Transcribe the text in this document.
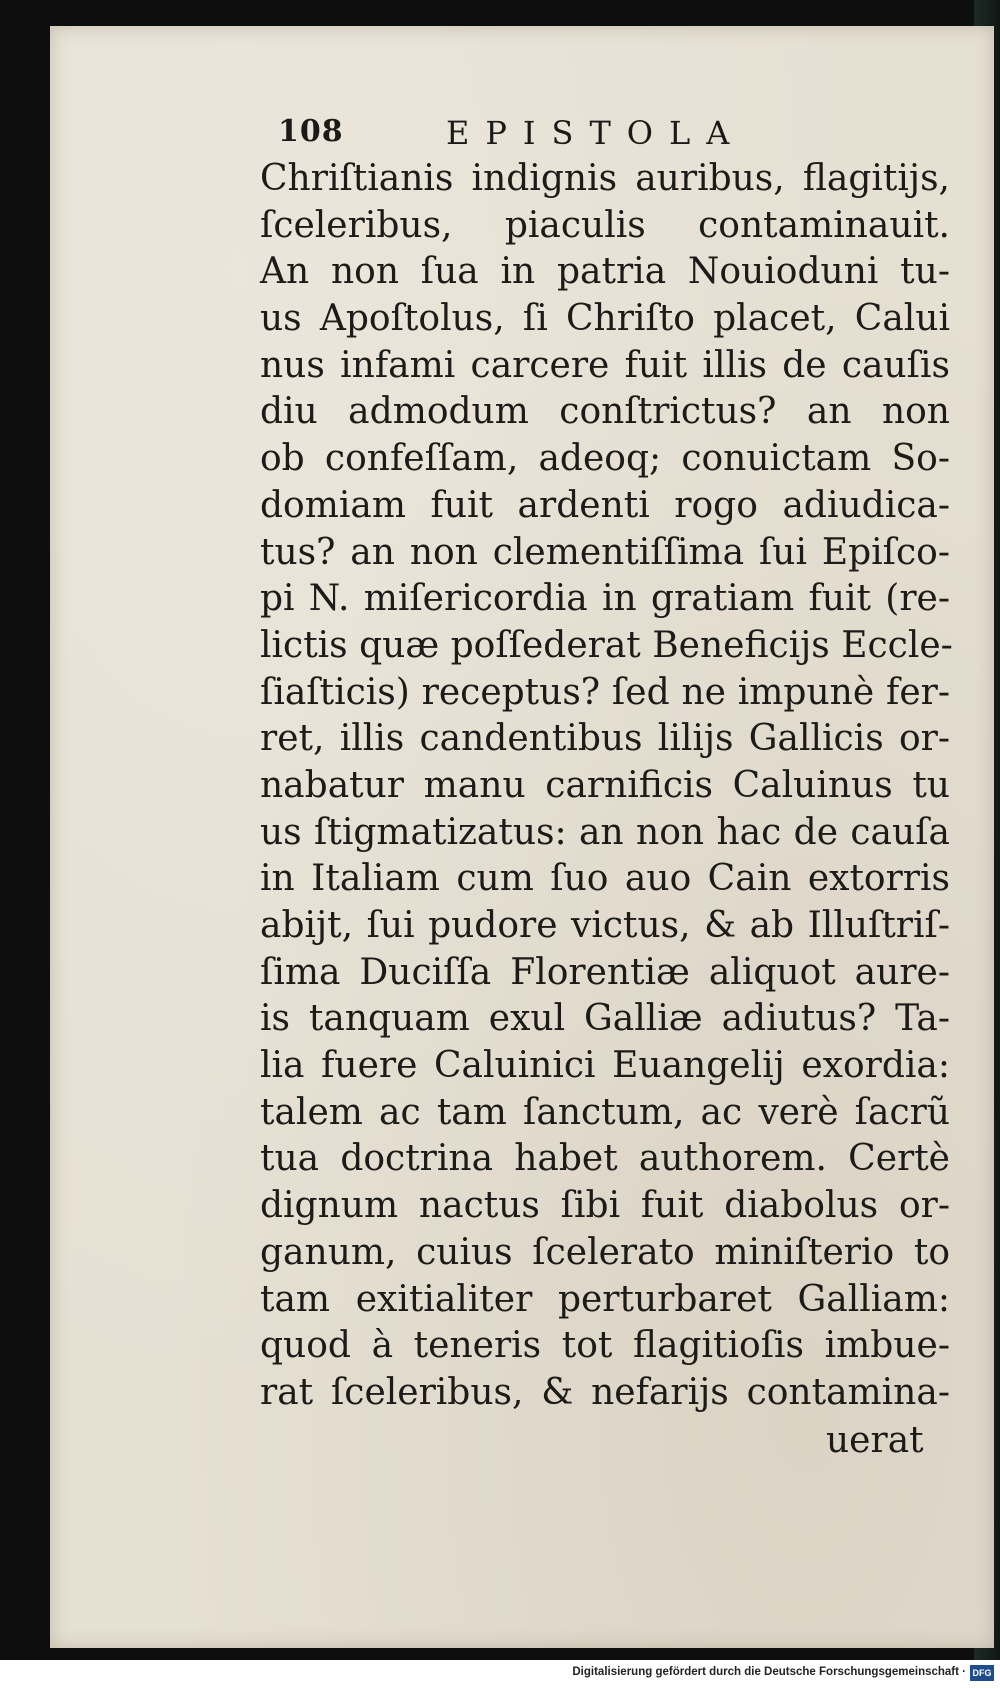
108	EPISTOLA
Chriſtianis indignis auribus, flagitijs,
ſceleribus, piaculis contaminauit.
An non ſua in patria Nouioduni tu-
us Apoſtolus, ſi Chriſto placet, Calui
nus infami carcere fuit illis de cauſis
diu admodum conſtrictus? an non
ob confeſſam, adeoq; conuictam So-
domiam fuit ardenti rogo adiudica-
tus? an non clementiſſima ſui Epiſco-
pi N. miſericordia in gratiam fuit (re-
lictis quæ poſſederat Beneficijs Eccle-
ſiaſticis) receptus? ſed ne impunè fer-
ret, illis candentibus lilijs Gallicis or-
nabatur manu carnificis Caluinus tu
us ſtigmatizatus: an non hac de cauſa
in Italiam cum ſuo auo Cain extorris
abijt, ſui pudore victus, & ab Illuſtriſ-
ſima Duciſſa Florentiæ aliquot aure-
is tanquam exul Galliæ adiutus? Ta-
lia fuere Caluinici Euangelij exordia:
talem ac tam ſanctum, ac verè ſacrũ
tua doctrina habet authorem. Certè
dignum nactus ſibi fuit diabolus or-
ganum, cuius ſcelerato miniſterio to
tam exitialiter perturbaret Galliam:
quod à teneris tot flagitioſis imbue-
rat ſceleribus, & nefarijs contamina-
uerat
Digitalisierung gefördert durch die Deutsche Forschungsgemeinschaft · DFG
